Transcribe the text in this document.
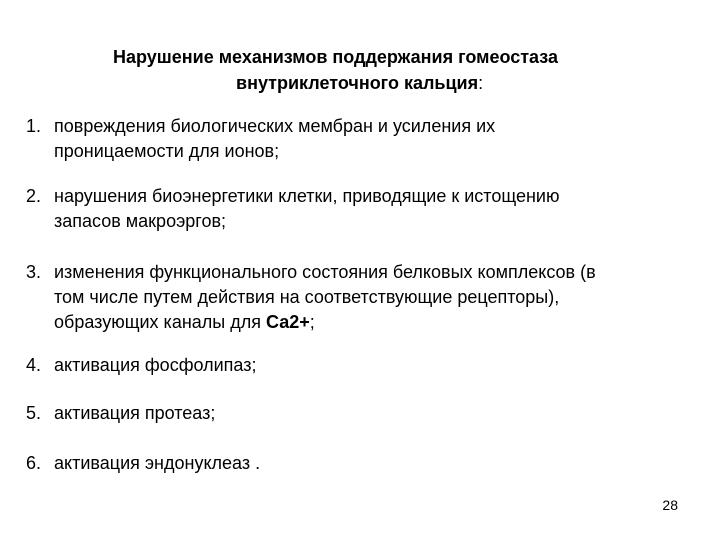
Нарушение механизмов поддержания гомеостаза
внутриклеточного кальция:
1. повреждения биологических мембран и усиления их
проницаемости для ионов;
2. нарушения биоэнергетики клетки, приводящие к истощению
запасов макроэргов;
3. изменения функционального состояния белковых комплексов (в
том числе путем действия на соответствующие рецепторы),
образующих каналы для Са2+;
4. активация фосфолипаз;
5. активация протеаз;
6. активация эндонуклеаз .
28
